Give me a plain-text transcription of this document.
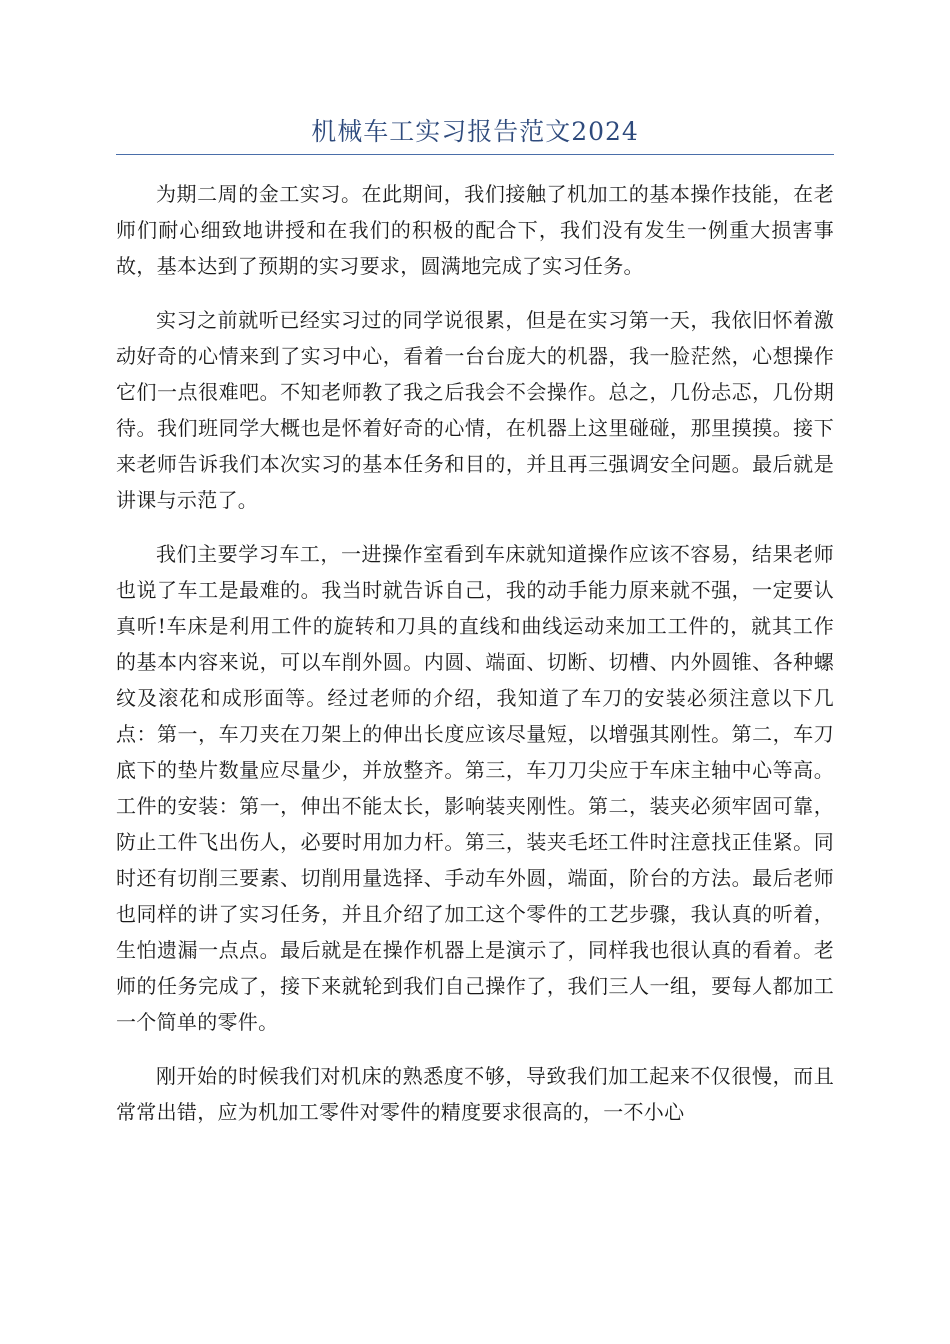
机械车工实习报告范文2024

为期二周的金工实习。在此期间，我们接触了机加工的基本操作技能，在老师们耐心细致地讲授和在我们的积极的配合下，我们没有发生一例重大损害事故，基本达到了预期的实习要求，圆满地完成了实习任务。

实习之前就听已经实习过的同学说很累，但是在实习第一天，我依旧怀着激动好奇的心情来到了实习中心，看着一台台庞大的机器，我一脸茫然，心想操作它们一点很难吧。不知老师教了我之后我会不会操作。总之，几份忐忑，几份期待。我们班同学大概也是怀着好奇的心情，在机器上这里碰碰，那里摸摸。接下来老师告诉我们本次实习的基本任务和目的，并且再三强调安全问题。最后就是讲课与示范了。

我们主要学习车工，一进操作室看到车床就知道操作应该不容易，结果老师也说了车工是最难的。我当时就告诉自己，我的动手能力原来就不强，一定要认真听!车床是利用工件的旋转和刀具的直线和曲线运动来加工工件的，就其工作的基本内容来说，可以车削外圆。内圆、端面、切断、切槽、内外圆锥、各种螺纹及滚花和成形面等。经过老师的介绍，我知道了车刀的安装必须注意以下几点：第一，车刀夹在刀架上的伸出长度应该尽量短，以增强其刚性。第二，车刀底下的垫片数量应尽量少，并放整齐。第三，车刀刀尖应于车床主轴中心等高。工件的安装：第一，伸出不能太长，影响装夹刚性。第二，装夹必须牢固可靠，防止工件飞出伤人，必要时用加力杆。第三，装夹毛坯工件时注意找正佳紧。同时还有切削三要素、切削用量选择、手动车外圆，端面，阶台的方法。最后老师也同样的讲了实习任务，并且介绍了加工这个零件的工艺步骤，我认真的听着，生怕遗漏一点点。最后就是在操作机器上是演示了，同样我也很认真的看着。老师的任务完成了，接下来就轮到我们自己操作了，我们三人一组，要每人都加工一个简单的零件。

刚开始的时候我们对机床的熟悉度不够，导致我们加工起来不仅很慢，而且常常出错，应为机加工零件对零件的精度要求很高的，一不小心
